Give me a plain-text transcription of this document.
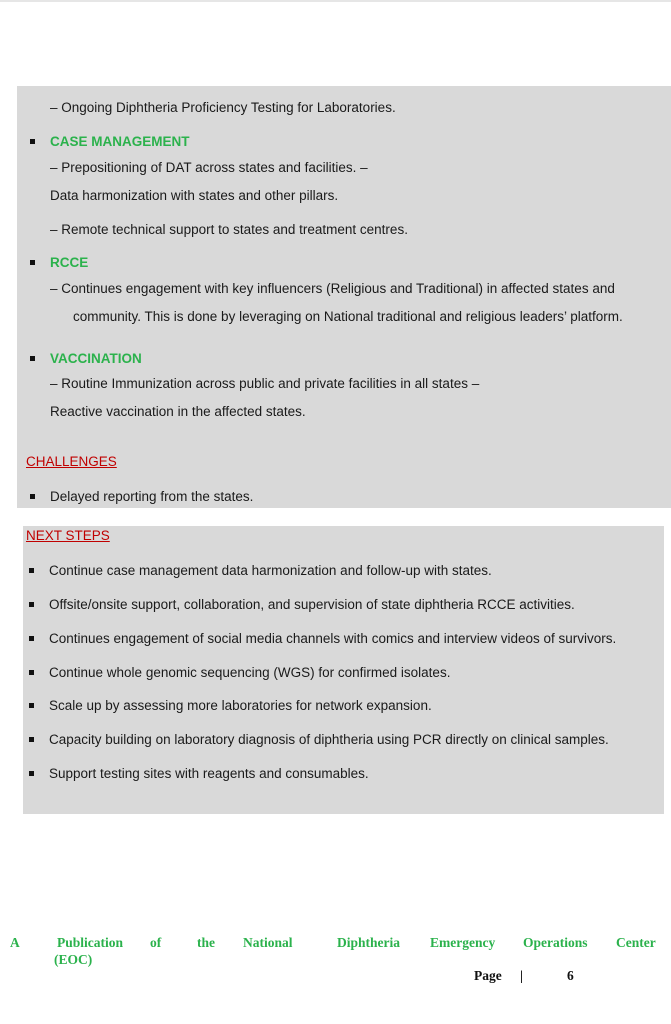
– Ongoing Diphtheria Proficiency Testing for Laboratories.
CASE MANAGEMENT
– Prepositioning of DAT across states and facilities. –
Data harmonization with states and other pillars.
– Remote technical support to states and treatment centres.
RCCE
– Continues engagement with key influencers (Religious and Traditional) in affected states and
community. This is done by leveraging on National traditional and religious leaders’ platform.
VACCINATION
– Routine Immunization across public and private facilities in all states –
Reactive vaccination in the affected states.
CHALLENGES
Delayed reporting from the states.
NEXT STEPS
Continue case management data harmonization and follow-up with states.
Offsite/onsite support, collaboration, and supervision of state diphtheria RCCE activities.
Continues engagement of social media channels with comics and interview videos of survivors.
Continue whole genomic sequencing (WGS) for confirmed isolates.
Scale up by assessing more laboratories for network expansion.
Capacity building on laboratory diagnosis of diphtheria using PCR directly on clinical samples.
Support testing sites with reagents and consumables.
A	Publication of	the National	Diphtheria Emergency Operations Center
(EOC)
Page |	6
